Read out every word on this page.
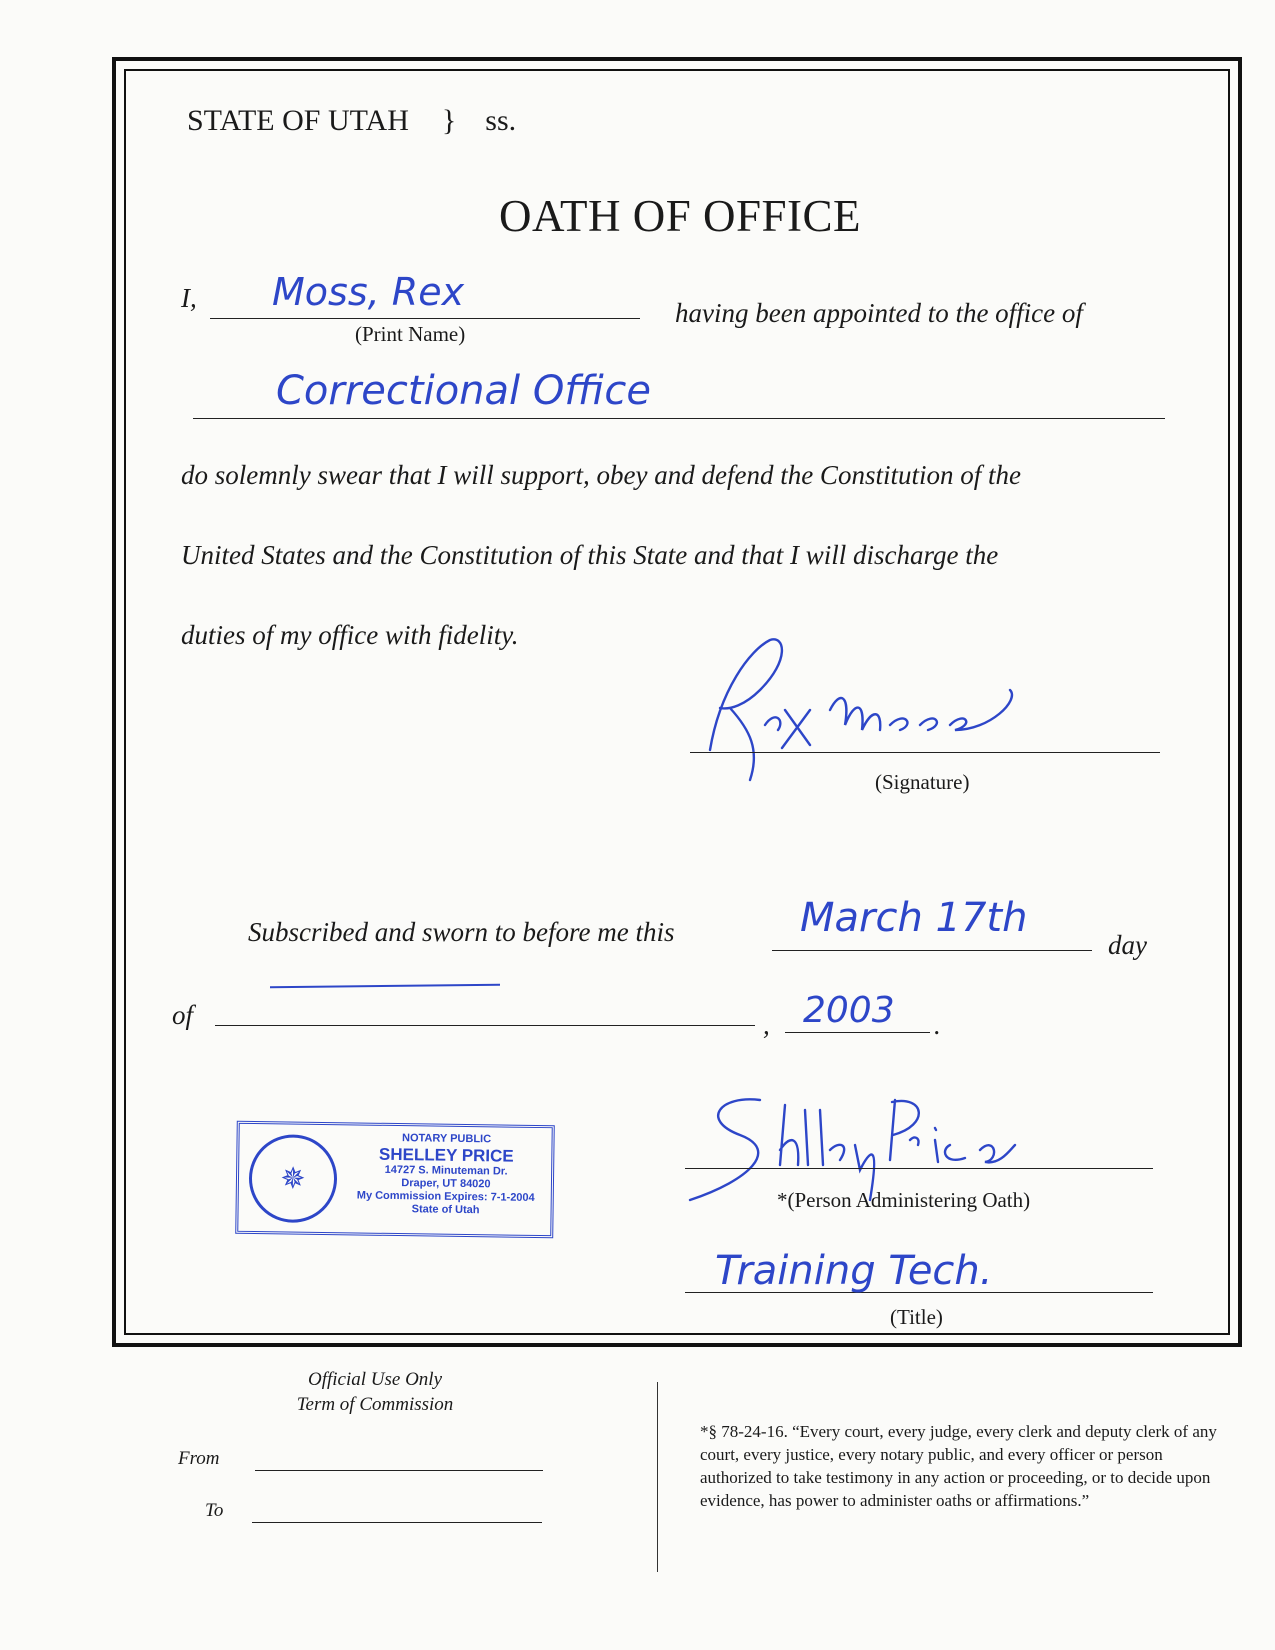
STATE OF UTAH } ss.
OATH OF OFFICE
I, Moss, Rex
(Print Name)
having been appointed to the office of
Correctional Office
do solemnly swear that I will support, obey and defend the Constitution of the
United States and the Constitution of this State and that I will discharge the
duties of my office with fidelity.
(Signature)
Subscribed and sworn to before me this	March 17th
day
of	, 2003 .
✵
NOTARY PUBLIC
SHELLEY PRICE
14727 S. Minuteman Dr.
Draper, UT 84020
My Commission Expires: 7-1-2004
State of Utah	*(Person Administering Oath)
Training Tech.
(Title)
Official Use Only
Term of Commission
From
To
*§ 78-24-16. “Every court, every judge, every clerk and deputy clerk of any court, every justice, every notary public, and every officer or person authorized to take testimony in any action or proceeding, or to decide upon evidence, has power to administer oaths or affirmations.”
